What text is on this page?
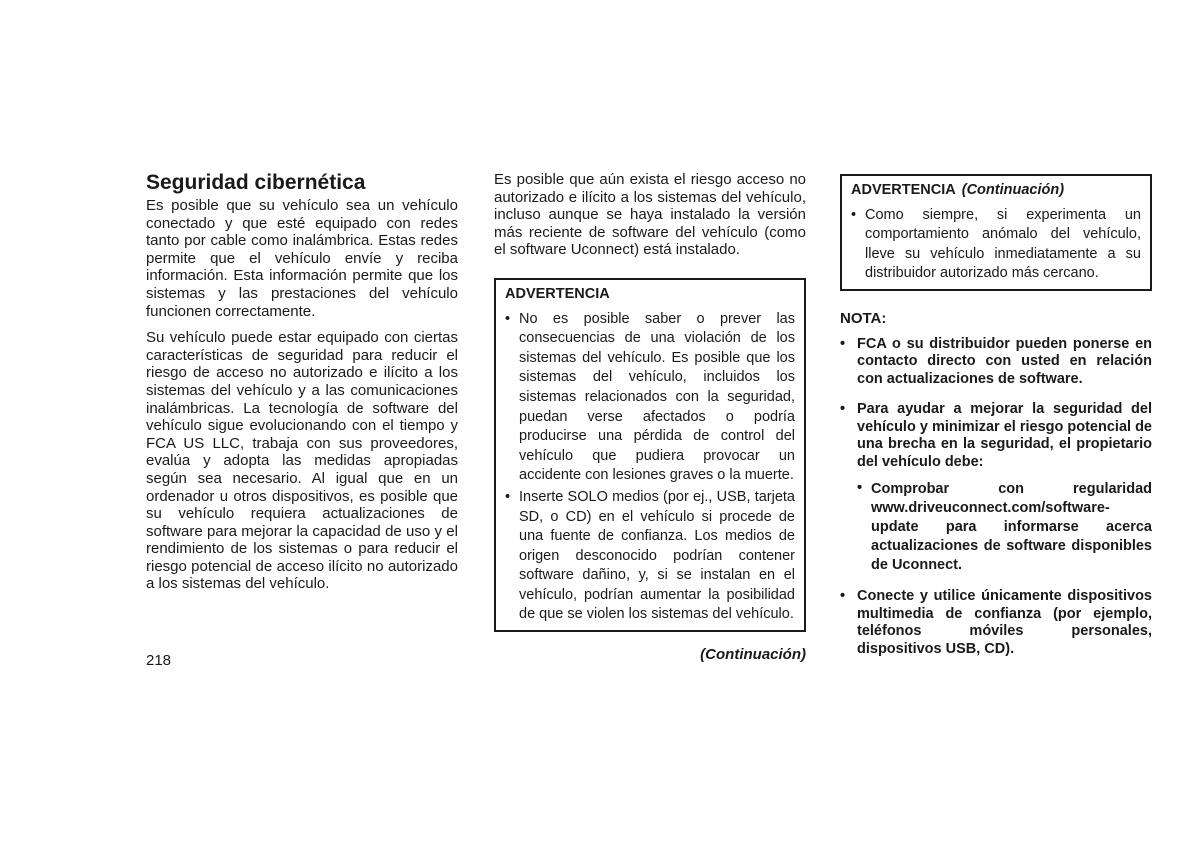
Seguridad cibernética

Es posible que su vehículo sea un vehículo conectado y que esté equipado con redes tanto por cable como inalámbrica. Estas redes permite que el vehículo envíe y reciba información. Esta información permite que los sistemas y las prestaciones del vehículo funcionen correctamente.

Su vehículo puede estar equipado con ciertas características de seguridad para reducir el riesgo de acceso no autorizado e ilícito a los sistemas del vehículo y a las comunicaciones inalámbricas. La tecnología de software del vehículo sigue evolucionando con el tiempo y FCA US LLC, trabaja con sus proveedores, evalúa y adopta las medidas apropiadas según sea necesario. Al igual que en un ordenador u otros dispositivos, es posible que su vehículo requiera actualizaciones de software para mejorar la capacidad de uso y el rendimiento de los sistemas o para reducir el riesgo potencial de acceso ilícito no autorizado a los sistemas del vehículo.

Es posible que aún exista el riesgo acceso no autorizado e ilícito a los sistemas del vehículo, incluso aunque se haya instalado la versión más reciente de software del vehículo (como el software Uconnect) está instalado.

ADVERTENCIA
• No es posible saber o prever las consecuencias de una violación de los sistemas del vehículo. Es posible que los sistemas del vehículo, incluidos los sistemas relacionados con la seguridad, puedan verse afectados o podría producirse una pérdida de control del vehículo que pudiera provocar un accidente con lesiones graves o la muerte.
• Inserte SOLO medios (por ej., USB, tarjeta SD, o CD) en el vehículo si procede de una fuente de confianza. Los medios de origen desconocido podrían contener software dañino, y, si se instalan en el vehículo, podrían aumentar la posibilidad de que se violen los sistemas del vehículo.
(Continuación)
ADVERTENCIA (Continuación)
• Como siempre, si experimenta un comportamiento anómalo del vehículo, lleve su vehículo inmediatamente a su distribuidor autorizado más cercano.
NOTA:
• FCA o su distribuidor pueden ponerse en contacto directo con usted en relación con actualizaciones de software.
• Para ayudar a mejorar la seguridad del vehículo y minimizar el riesgo potencial de una brecha en la seguridad, el propietario del vehículo debe:
• Comprobar con regularidad www.driveuconnect.com/software-update para informarse acerca actualizaciones de software disponibles de Uconnect.
• Conecte y utilice únicamente dispositivos multimedia de confianza (por ejemplo, teléfonos móviles personales, dispositivos USB, CD).
218
